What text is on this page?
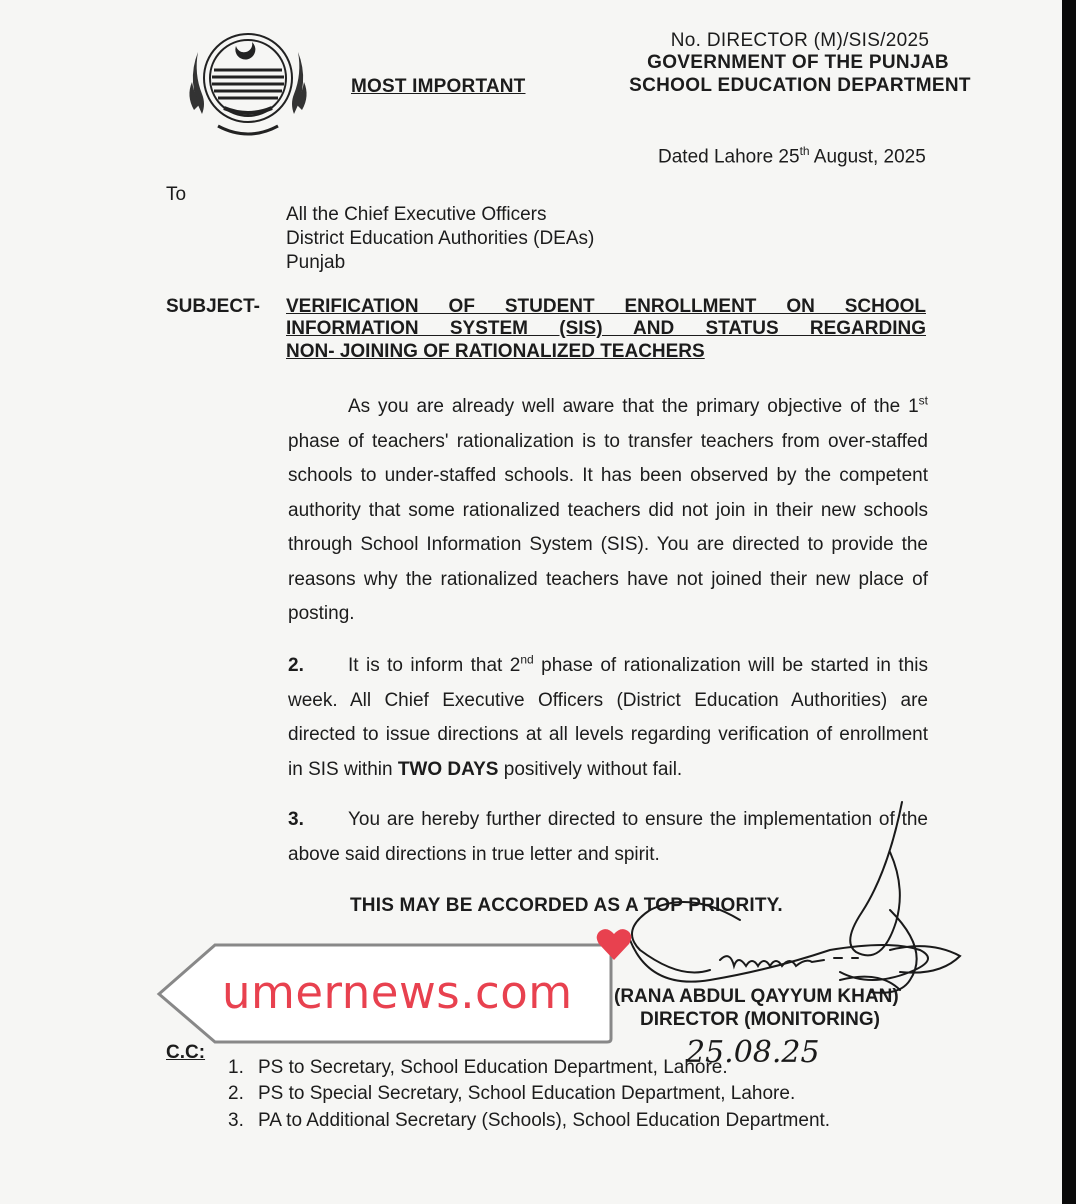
MOST IMPORTANT
No. DIRECTOR (M)/SIS/2025
GOVERNMENT OF THE PUNJAB
SCHOOL EDUCATION DEPARTMENT
Dated Lahore 25th August, 2025
To
All the Chief Executive Officers
District Education Authorities (DEAs)
Punjab
SUBJECT- VERIFICATION OF STUDENT ENROLLMENT ON SCHOOL
INFORMATION SYSTEM (SIS) AND STATUS REGARDING
NON- JOINING OF RATIONALIZED TEACHERS

As you are already well aware that the primary objective of the 1st phase of teachers' rationalization is to transfer teachers from over-staffed schools to under-staffed schools. It has been observed by the competent authority that some rationalized teachers did not join in their new schools through School Information System (SIS). You are directed to provide the reasons why the rationalized teachers have not joined their new place of posting.

2. It is to inform that 2nd phase of rationalization will be started in this week. All Chief Executive Officers (District Education Authorities) are directed to issue directions at all levels regarding verification of enrollment in SIS within TWO DAYS positively without fail.

3. You are hereby further directed to ensure the implementation of the above said directions in true letter and spirit.

THIS MAY BE ACCORDED AS A TOP PRIORITY.
(RANA ABDUL QAYYUM KHAN)
DIRECTOR (MONITORING)
C.C:
1. PS to Secretary, School Education Department, Lahore.
2. PS to Special Secretary, School Education Department, Lahore.
3. PA to Additional Secretary (Schools), School Education Department.
25.08.25
umernews.com
